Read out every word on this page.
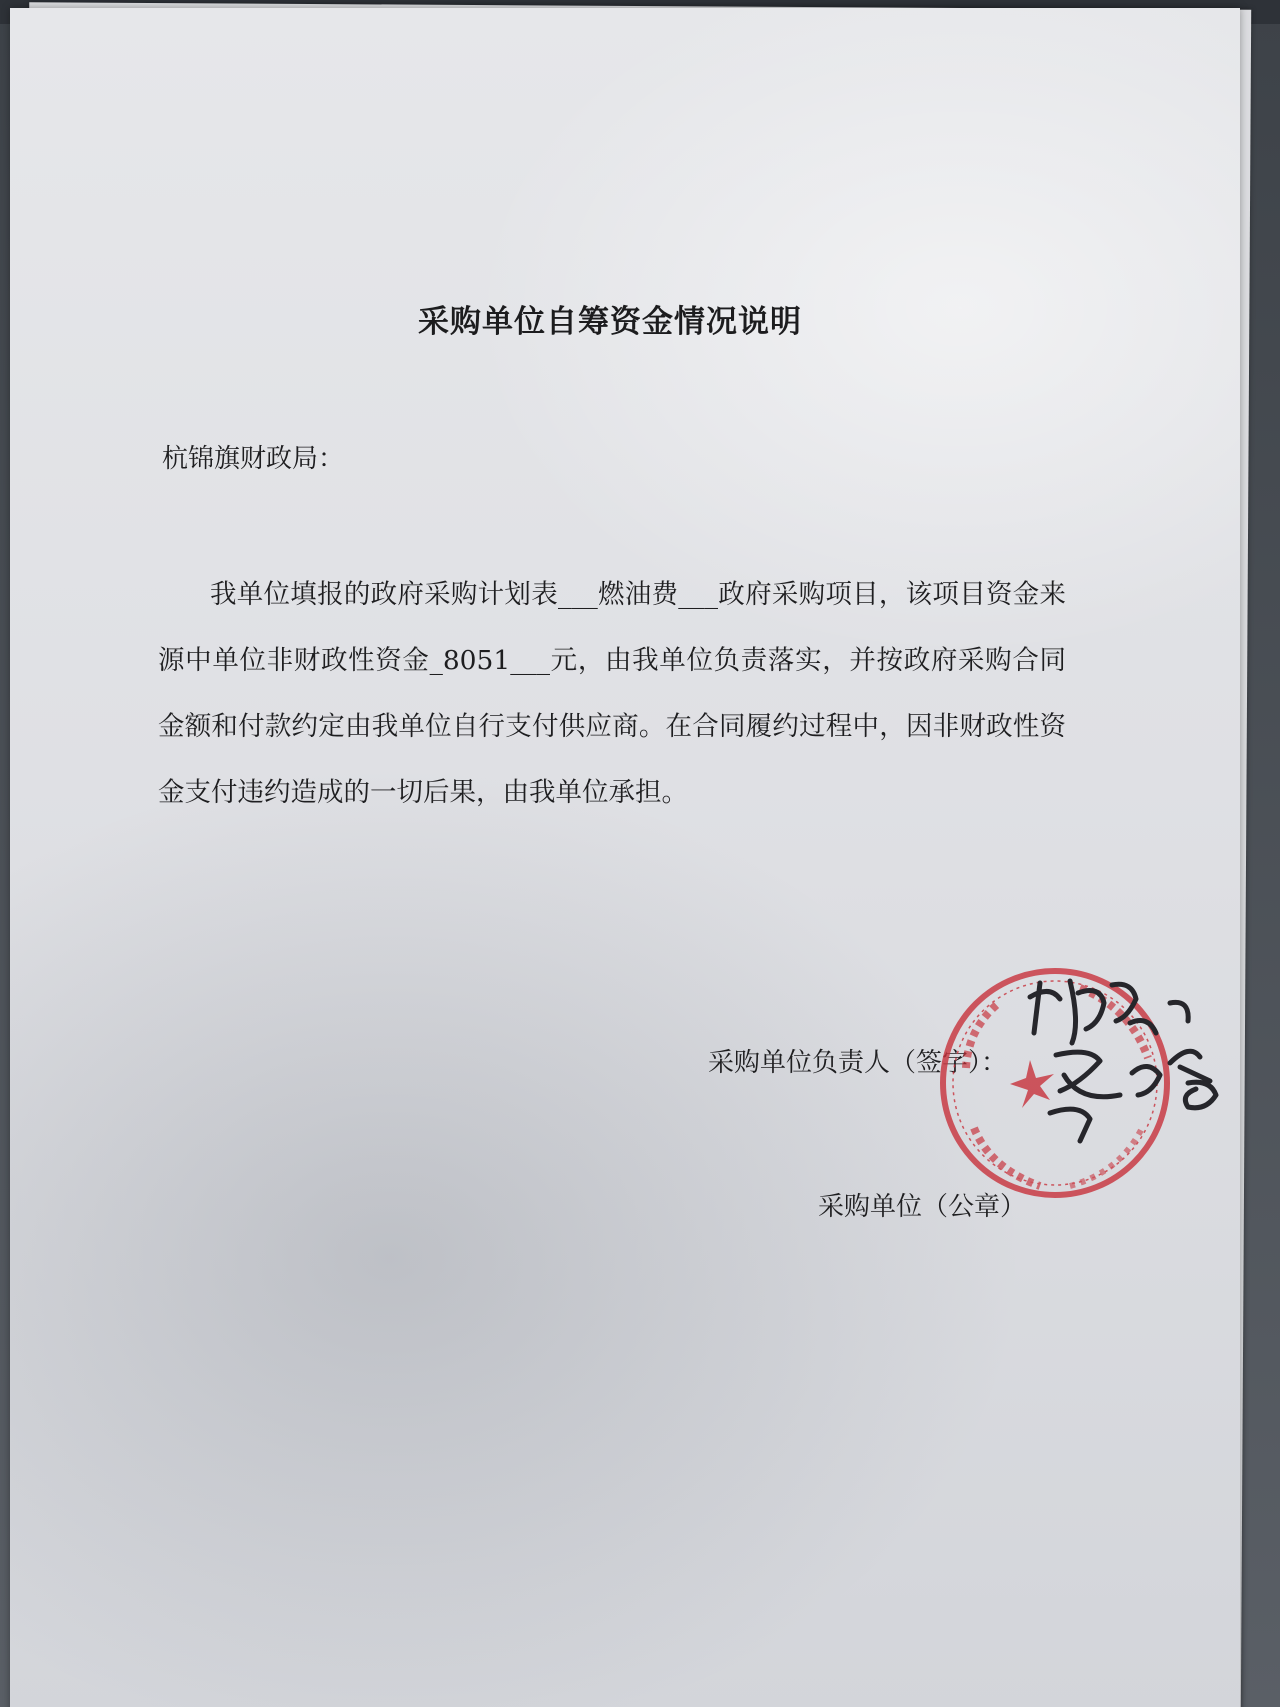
采购单位自筹资金情况说明
杭锦旗财政局：
我单位填报的政府采购计划表___燃油费___政府采购项目，该项目资金来源中单位非财政性资金_8051___元，由我单位负责落实，并按政府采购合同金额和付款约定由我单位自行支付供应商。在合同履约过程中，因非财政性资金支付违约造成的一切后果，由我单位承担。
采购单位负责人（签字）：
采购单位（公章）
